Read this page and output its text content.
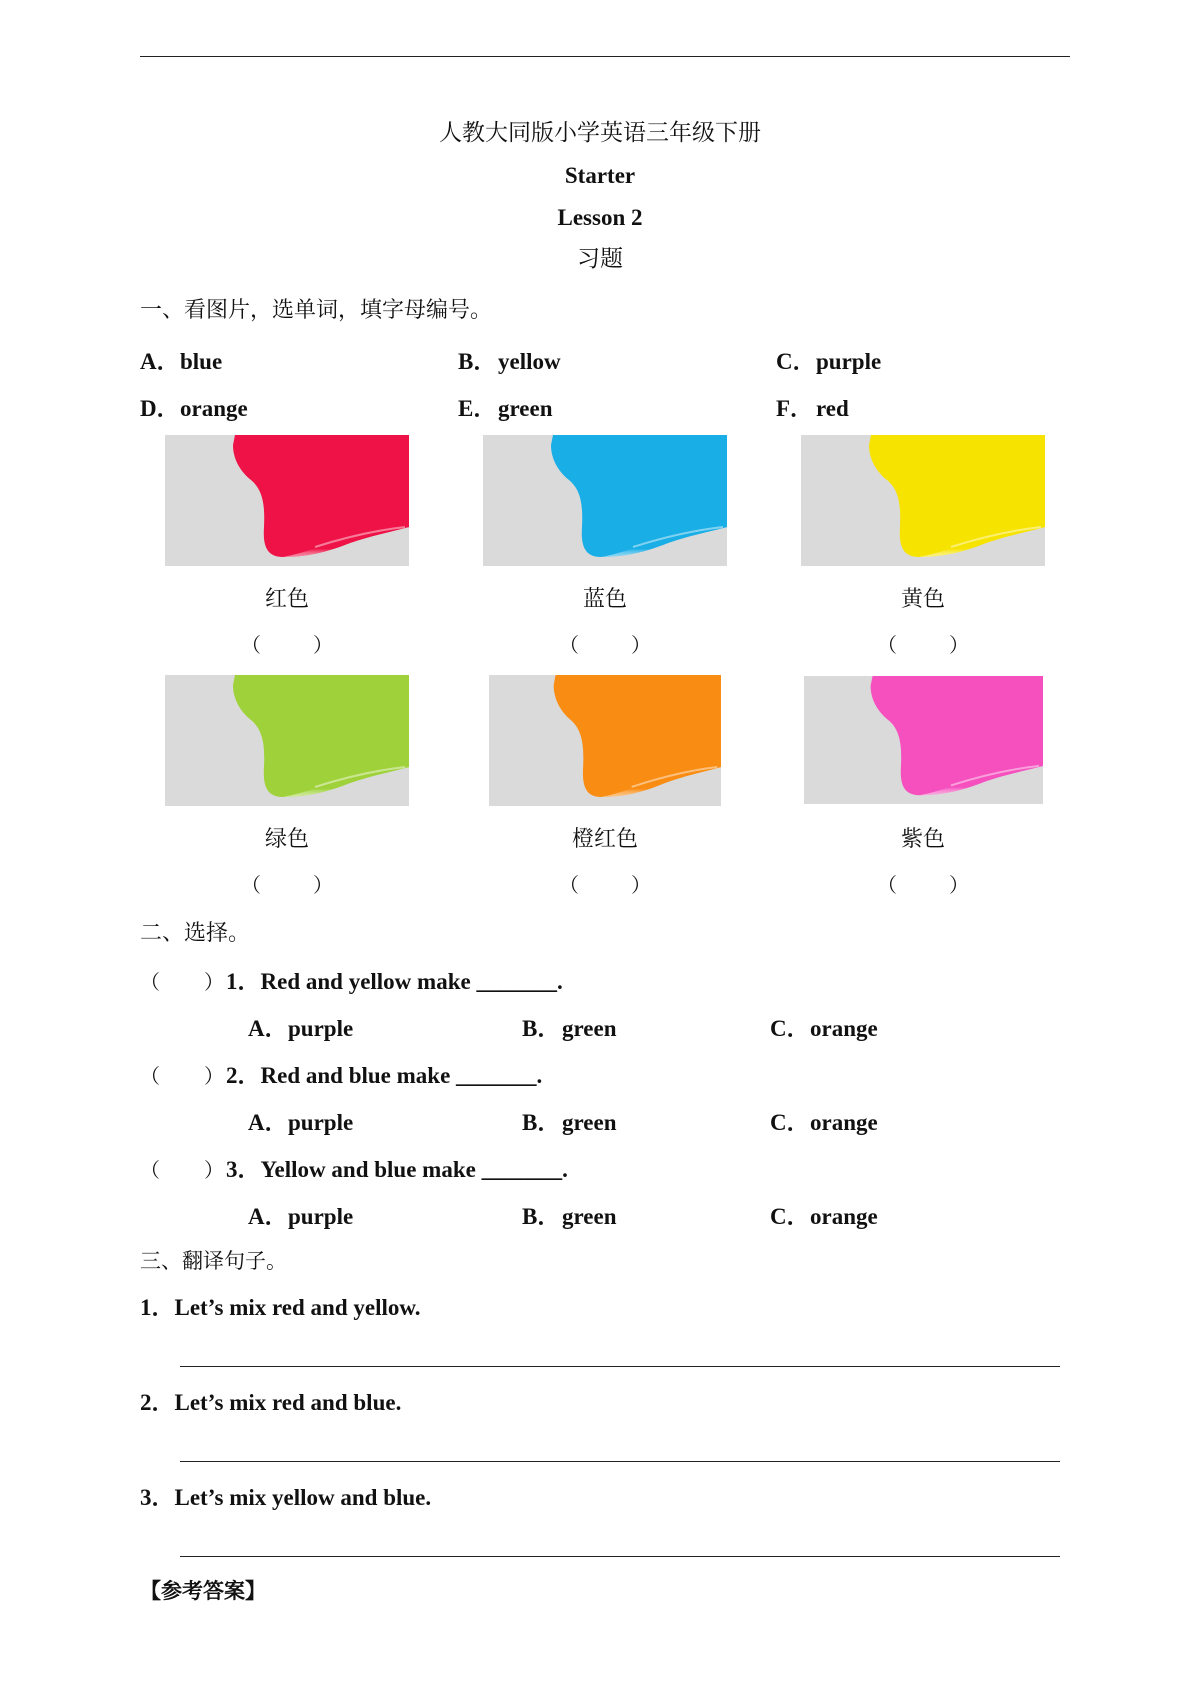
人教大同版小学英语三年级下册
Starter
Lesson 2
习题
一、看图片，选单词，填字母编号。
A．blue	B．yellow	C．purple
D．orange	E．green	F． red
红色	蓝色	黄色
（	）	（	）	（	）
绿色	橙红色	紫色
（	）	（	）	（	）
二、选择。
（ ）1．Red and yellow make _______.
A．purple	B．green	C．orange
（ ）2．Red and blue make _______.
A．purple	B．green	C．orange
（ ）3．Yellow and blue make _______.
A．purple	B．green	C．orange
三、翻译句子。
1．Let’s mix red and yellow.
2．Let’s mix red and blue.
3．Let’s mix yellow and blue.
【参考答案】
